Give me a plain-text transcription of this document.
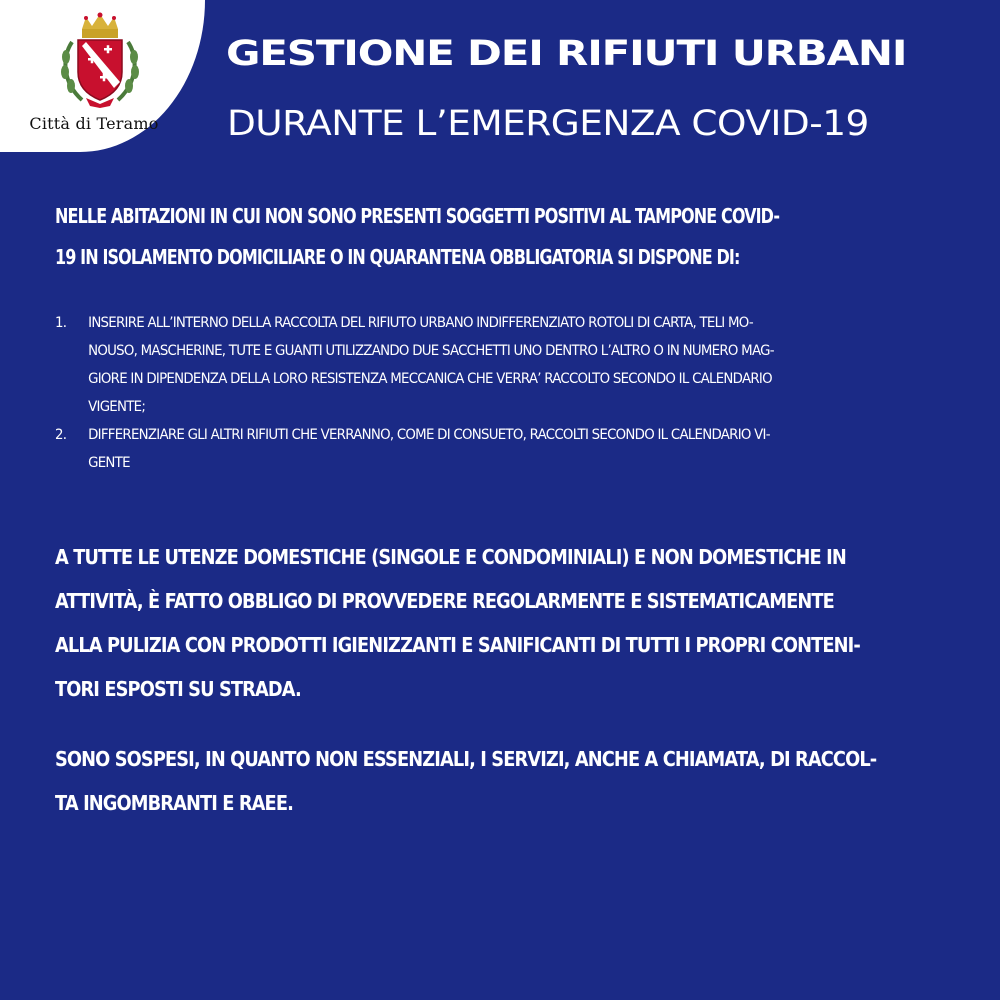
Città di Teramo
GESTIONE DEI RIFIUTI URBANI
DURANTE L’EMERGENZA COVID-19
NELLE ABITAZIONI IN CUI NON SONO PRESENTI SOGGETTI POSITIVI AL TAMPONE COVID-
19 IN ISOLAMENTO DOMICILIARE O IN QUARANTENA OBBLIGATORIA SI DISPONE DI:
1. INSERIRE ALL’INTERNO DELLA RACCOLTA DEL RIFIUTO URBANO INDIFFERENZIATO ROTOLI DI CARTA, TELI MO-
NOUSO, MASCHERINE, TUTE E GUANTI UTILIZZANDO DUE SACCHETTI UNO DENTRO L’ALTRO O IN NUMERO MAG-
GIORE IN DIPENDENZA DELLA LORO RESISTENZA MECCANICA CHE VERRA’ RACCOLTO SECONDO IL CALENDARIO
VIGENTE;
2. DIFFERENZIARE GLI ALTRI RIFIUTI CHE VERRANNO, COME DI CONSUETO, RACCOLTI SECONDO IL CALENDARIO VI-
GENTE
A TUTTE LE UTENZE DOMESTICHE (SINGOLE E CONDOMINIALI) E NON DOMESTICHE IN
ATTIVITÀ, È FATTO OBBLIGO DI PROVVEDERE REGOLARMENTE E SISTEMATICAMENTE
ALLA PULIZIA CON PRODOTTI IGIENIZZANTI E SANIFICANTI DI TUTTI I PROPRI CONTENI-
TORI ESPOSTI SU STRADA.
SONO SOSPESI, IN QUANTO NON ESSENZIALI, I SERVIZI, ANCHE A CHIAMATA, DI RACCOL-
TA INGOMBRANTI E RAEE.
